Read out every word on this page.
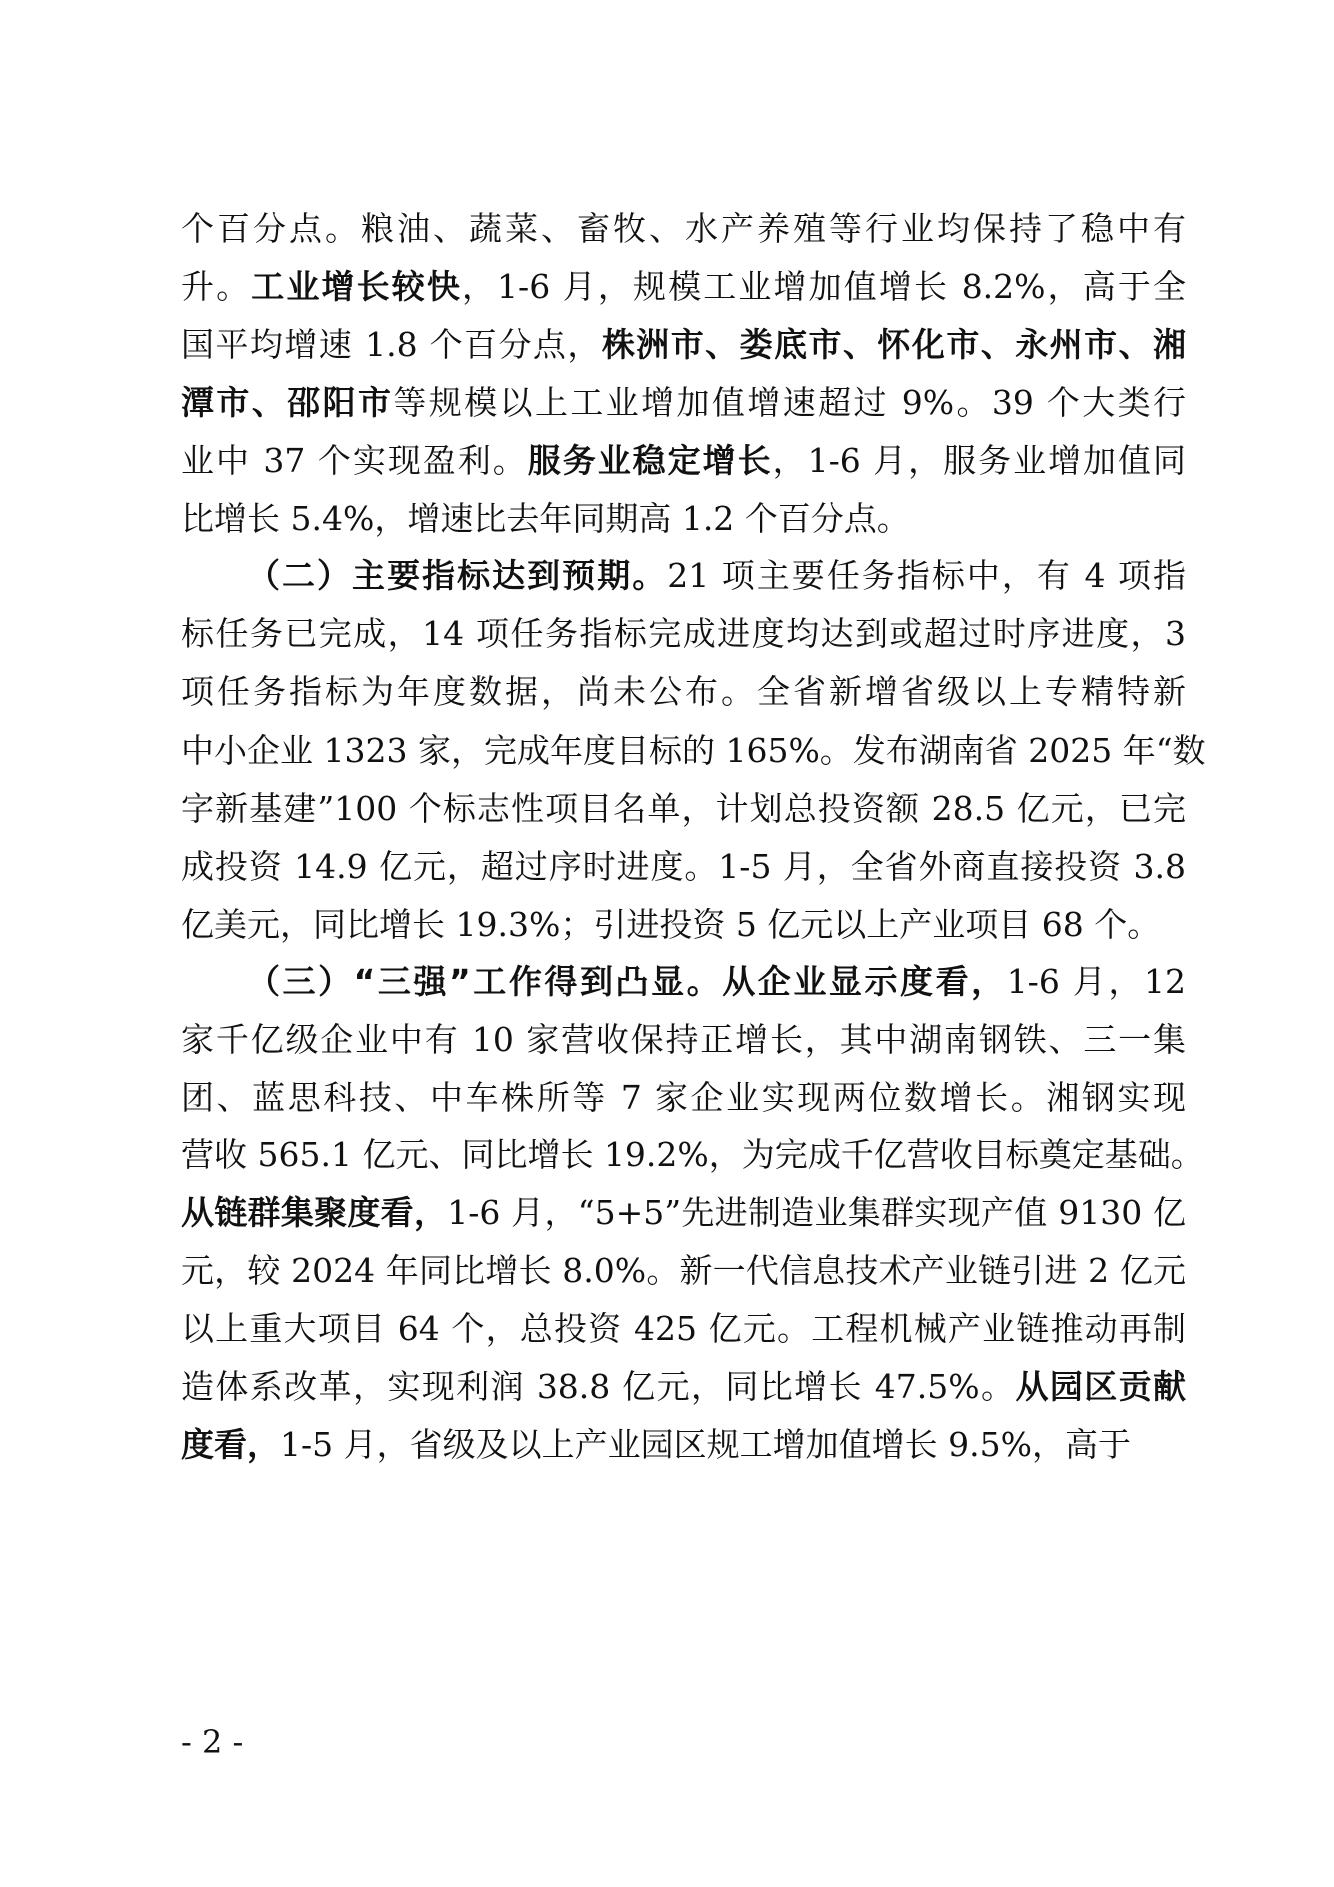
个百分点。粮油、蔬菜、畜牧、水产养殖等行业均保持了稳中有
升。工业增长较快，1-6 月，规模工业增加值增长 8.2%，高于全
国平均增速 1.8 个百分点，株洲市、娄底市、怀化市、永州市、湘
潭市、邵阳市等规模以上工业增加值增速超过 9%。39 个大类行
业中 37 个实现盈利。服务业稳定增长，1-6 月，服务业增加值同
比增长 5.4%，增速比去年同期高 1.2 个百分点。
（二）主要指标达到预期。21 项主要任务指标中，有 4 项指
标任务已完成，14 项任务指标完成进度均达到或超过时序进度，3
项任务指标为年度数据，尚未公布。全省新增省级以上专精特新
中小企业 1323 家，完成年度目标的 165%。发布湖南省 2025 年“数
字新基建”100 个标志性项目名单，计划总投资额 28.5 亿元，已完
成投资 14.9 亿元，超过序时进度。1-5 月，全省外商直接投资 3.8
亿美元，同比增长 19.3%；引进投资 5 亿元以上产业项目 68 个。
（三）“三强”工作得到凸显。从企业显示度看，1-6 月，12
家千亿级企业中有 10 家营收保持正增长，其中湖南钢铁、三一集
团、蓝思科技、中车株所等 7 家企业实现两位数增长。湘钢实现
营收 565.1 亿元、同比增长 19.2%，为完成千亿营收目标奠定基础。
从链群集聚度看，1-6 月，“5+5”先进制造业集群实现产值 9130 亿
元，较 2024 年同比增长 8.0%。新一代信息技术产业链引进 2 亿元
以上重大项目 64 个，总投资 425 亿元。工程机械产业链推动再制
造体系改革，实现利润 38.8 亿元，同比增长 47.5%。从园区贡献
度看，1-5 月，省级及以上产业园区规工增加值增长 9.5%，高于
- 2 -
